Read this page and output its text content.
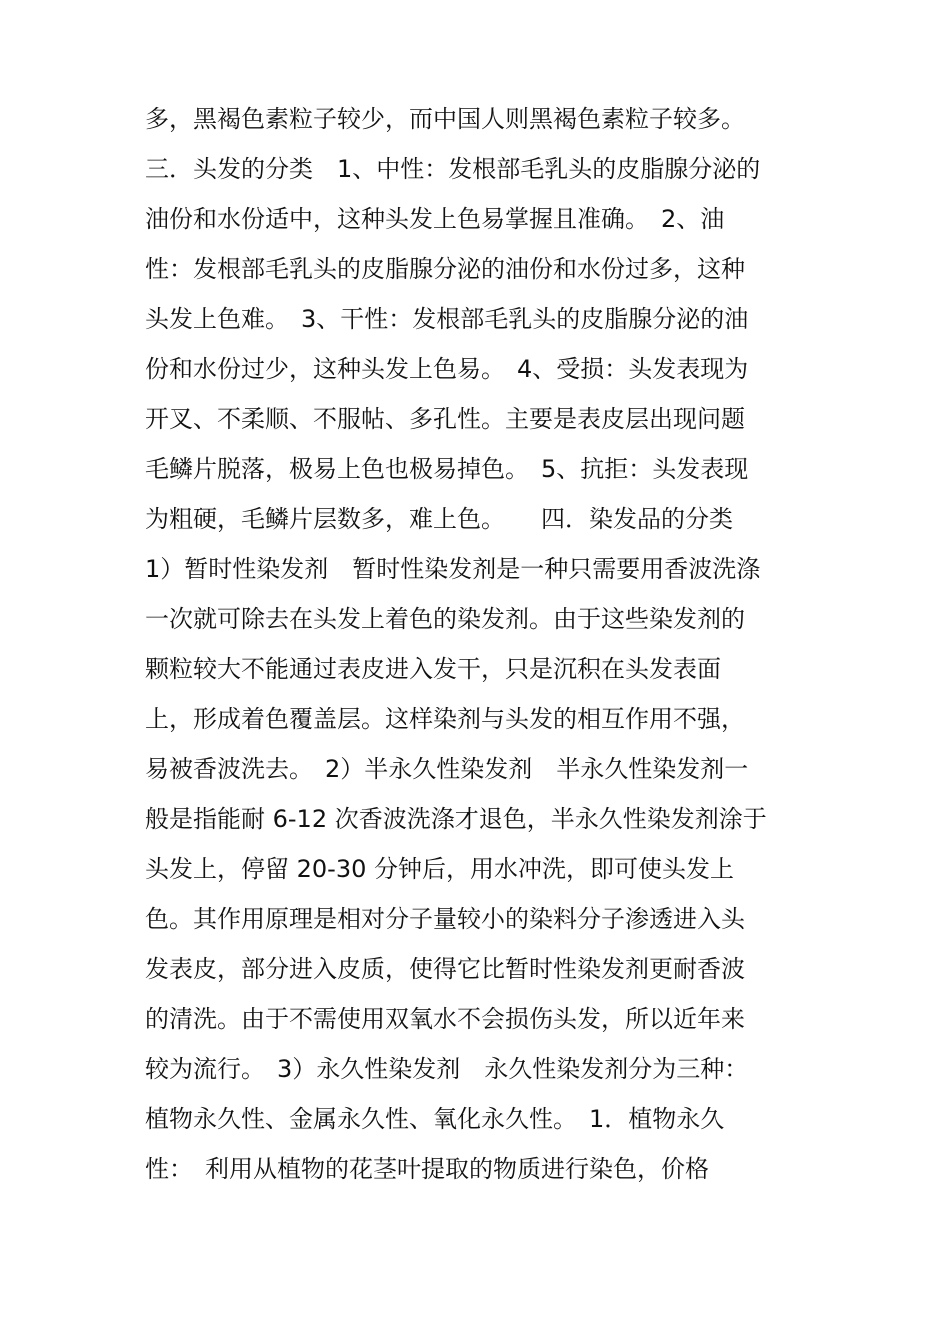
多，黑褐色素粒子较少，而中国人则黑褐色素粒子较多。
三．头发的分类　1、中性：发根部毛乳头的皮脂腺分泌的
油份和水份适中，这种头发上色易掌握且准确。　2、油
性：发根部毛乳头的皮脂腺分泌的油份和水份过多，这种
头发上色难。　3、干性：发根部毛乳头的皮脂腺分泌的油
份和水份过少，这种头发上色易。　4、受损：头发表现为
开叉、不柔顺、不服帖、多孔性。主要是表皮层出现问题
毛鳞片脱落，极易上色也极易掉色。　5、抗拒：头发表现
为粗硬，毛鳞片层数多，难上色。　　四．染发品的分类
1）暂时性染发剂　暂时性染发剂是一种只需要用香波洗涤
一次就可除去在头发上着色的染发剂。由于这些染发剂的
颗粒较大不能通过表皮进入发干，只是沉积在头发表面
上，形成着色覆盖层。这样染剂与头发的相互作用不强，
易被香波洗去。　2）半永久性染发剂　半永久性染发剂一
般是指能耐 6-12 次香波洗涤才退色，半永久性染发剂涂于
头发上，停留 20-30 分钟后，用水冲洗，即可使头发上
色。其作用原理是相对分子量较小的染料分子渗透进入头
发表皮，部分进入皮质，使得它比暂时性染发剂更耐香波
的清洗。由于不需使用双氧水不会损伤头发，所以近年来
较为流行。　3）永久性染发剂　永久性染发剂分为三种：
植物永久性、金属永久性、氧化永久性。　1．植物永久
性：　利用从植物的花茎叶提取的物质进行染色，价格
